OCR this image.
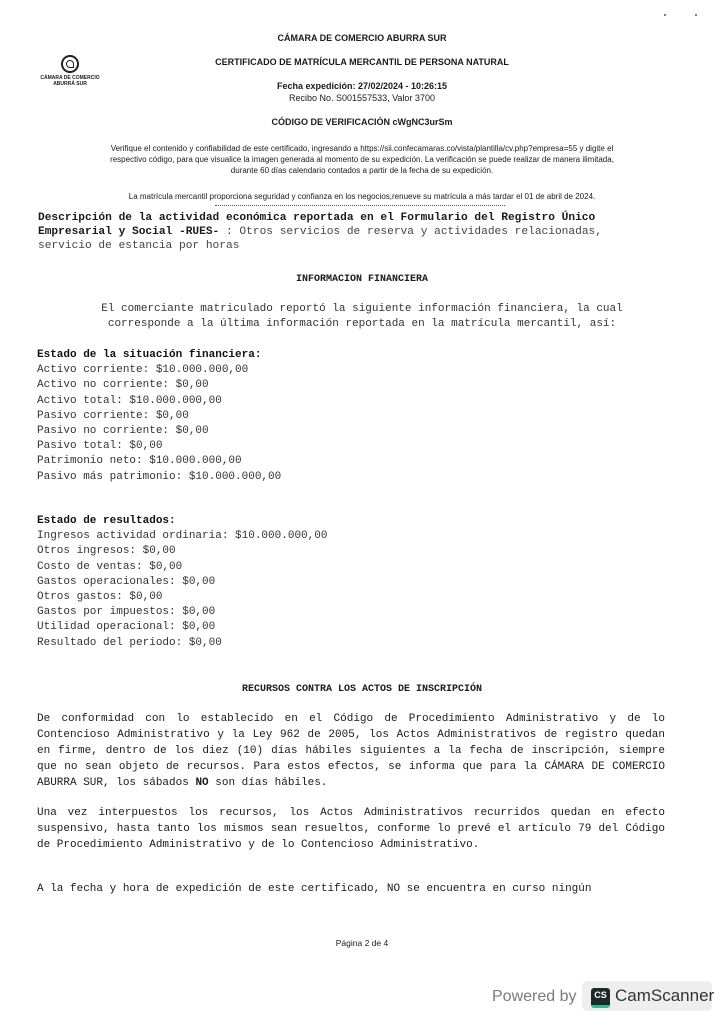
CÁMARA DE COMERCIO
ABURRÁ SUR
CÁMARA DE COMERCIO ABURRA SUR
CERTIFICADO DE MATRÍCULA MERCANTIL DE PERSONA NATURAL
Fecha expedición: 27/02/2024 - 10:26:15
Recibo No. S001557533, Valor 3700
CÓDIGO DE VERIFICACIÓN cWgNC3urSm
Verifique el contenido y confiabilidad de este certificado, ingresando a https://sii.confecamaras.co/vista/plantilla/cv.php?empresa=55 y digite el
respectivo código, para que visualice la imagen generada al momento de su expedición. La verificación se puede realizar de manera ilimitada,
durante 60 días calendario contados a partir de la fecha de su expedición.
La matrícula mercantil proporciona seguridad y confianza en los negocios,renueve su matrícula a más tardar el 01 de abril de 2024.
Descripción de la actividad económica reportada en el Formulario del Registro Único
Empresarial y Social -RUES- : Otros servicios de reserva y actividades relacionadas,
servicio de estancia por horas
INFORMACION FINANCIERA
El comerciante matriculado reportó la siguiente información financiera, la cual
corresponde a la última información reportada en la matrícula mercantil, así:
Estado de la situación financiera:
Activo corriente: $10.000.000,00
Activo no corriente: $0,00
Activo total: $10.000.000,00
Pasivo corriente: $0,00
Pasivo no corriente: $0,00
Pasivo total: $0,00
Patrimonio neto: $10.000.000,00
Pasivo más patrimonio: $10.000.000,00
Estado de resultados:
Ingresos actividad ordinaria: $10.000.000,00
Otros ingresos: $0,00
Costo de ventas: $0,00
Gastos operacionales: $0,00
Otros gastos: $0,00
Gastos por impuestos: $0,00
Utilidad operacional: $0,00
Resultado del periodo: $0,00
RECURSOS CONTRA LOS ACTOS DE INSCRIPCIÓN
De conformidad con lo establecido en el Código de Procedimiento Administrativo y de lo Contencioso Administrativo y la Ley 962 de 2005, los Actos Administrativos de registro quedan en firme, dentro de los diez (10) días hábiles siguientes a la fecha de inscripción, siempre que no sean objeto de recursos. Para estos efectos, se informa que para la CÁMARA DE COMERCIO ABURRA SUR, los sábados NO son días hábiles.
Una vez interpuestos los recursos, los Actos Administrativos recurridos quedan en efecto suspensivo, hasta tanto los mismos sean resueltos, conforme lo prevé el artículo 79 del Código de Procedimiento Administrativo y de lo Contencioso Administrativo.
A la fecha y hora de expedición de este certificado, NO se encuentra en curso ningún
Página 2 de 4
Powered by	CS CamScanner
